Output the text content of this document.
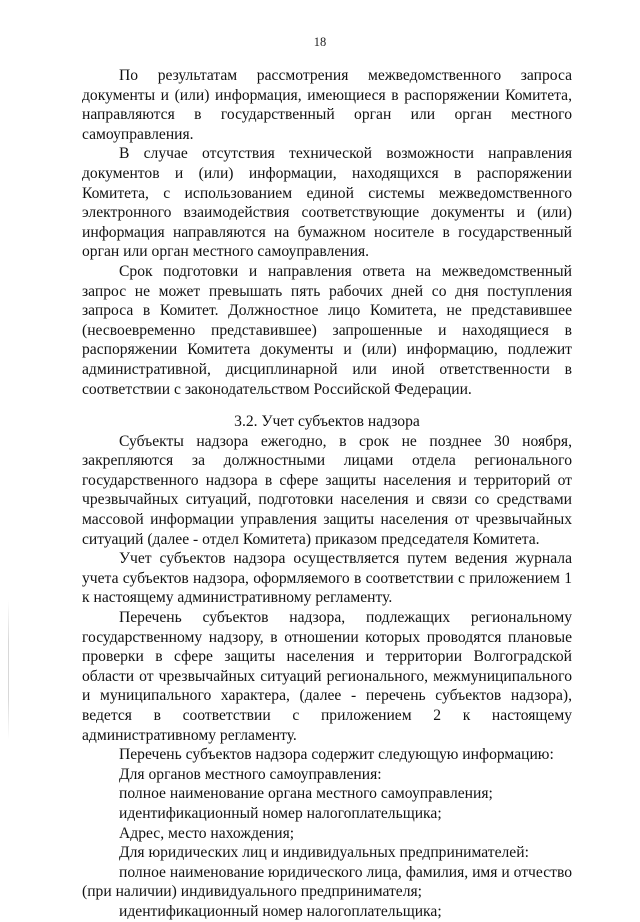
18

По результатам рассмотрения межведомственного запроса документы и (или) информация, имеющиеся в распоряжении Комитета, направляются в государственный орган или орган местного самоуправления.

В случае отсутствия технической возможности направления документов и (или) информации, находящихся в распоряжении Комитета, с использованием единой системы межведомственного электронного взаимодействия соответствующие документы и (или) информация направляются на бумажном носителе в государственный орган или орган местного самоуправления.

Срок подготовки и направления ответа на межведомственный запрос не может превышать пять рабочих дней со дня поступления запроса в Комитет. Должностное лицо Комитета, не представившее (несвоевременно представившее) запрошенные и находящиеся в распоряжении Комитета документы и (или) информацию, подлежит административной, дисциплинарной или иной ответственности в соответствии с законодательством Российской Федерации.

3.2. Учет субъектов надзора

Субъекты надзора ежегодно, в срок не позднее 30 ноября, закрепляются за должностными лицами отдела регионального государственного надзора в сфере защиты населения и территорий от чрезвычайных ситуаций, подготовки населения и связи со средствами массовой информации управления защиты населения от чрезвычайных ситуаций (далее - отдел Комитета) приказом председателя Комитета.

Учет субъектов надзора осуществляется путем ведения журнала учета субъектов надзора, оформляемого в соответствии с приложением 1 к настоящему административному регламенту.

Перечень субъектов надзора, подлежащих региональному государственному надзору, в отношении которых проводятся плановые проверки в сфере защиты населения и территории Волгоградской области от чрезвычайных ситуаций регионального, межмуниципального и муниципального характера, (далее - перечень субъектов надзора), ведется в соответствии с приложением 2 к настоящему административному регламенту.

Перечень субъектов надзора содержит следующую информацию:

Для органов местного самоуправления:

полное наименование органа местного самоуправления;

идентификационный номер налогоплательщика;

Адрес, место нахождения;

Для юридических лиц и индивидуальных предпринимателей:

полное наименование юридического лица, фамилия, имя и отчество (при наличии) индивидуального предпринимателя;

идентификационный номер налогоплательщика;
